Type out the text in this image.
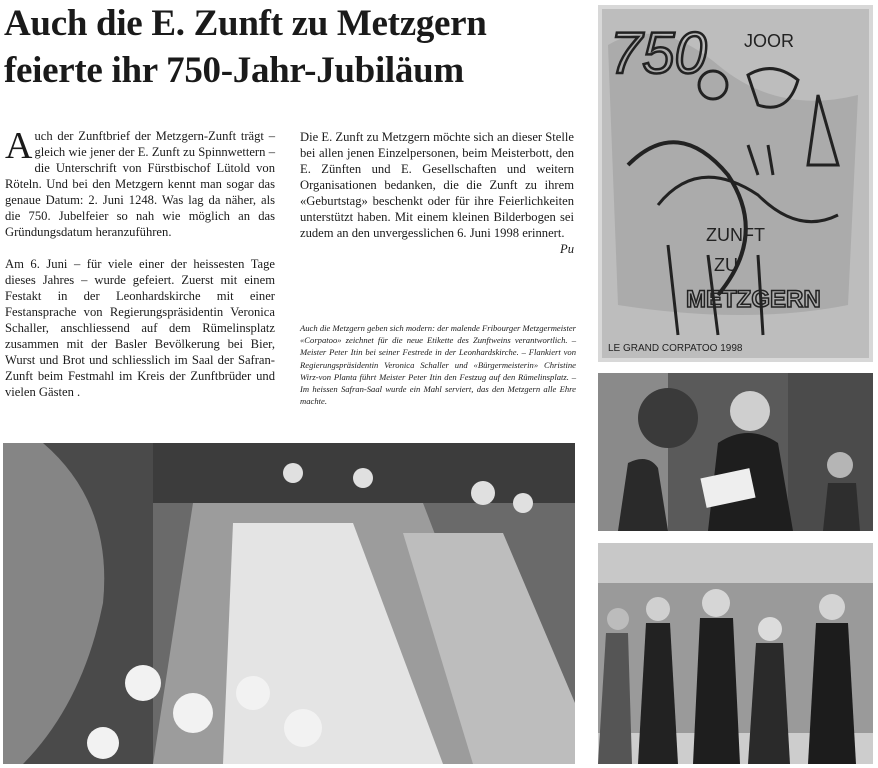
Auch die E. Zunft zu Metzgern
feierte ihr 750-Jahr-Jubiläum

Auch der Zunftbrief der Metzgern-Zunft trägt – gleich wie jener der E. Zunft zu Spinnwettern – die Unterschrift von Fürstbischof Lütold von Röteln. Und bei den Metzgern kennt man sogar das genaue Datum: 2. Juni 1248. Was lag da näher, als die 750. Jubelfeier so nah wie möglich an das Gründungsdatum heranzuführen.

Am 6. Juni – für viele einer der heissesten Tage dieses Jahres – wurde gefeiert. Zuerst mit einem Festakt in der Leonhardskirche mit einer Festansprache von Regierungspräsidentin Veronica Schaller, anschliessend auf dem Rümelinsplatz zusammen mit der Basler Bevölkerung bei Bier, Wurst und Brot und schliesslich im Saal der Safran-Zunft beim Festmahl im Kreis der Zunftbrüder und vielen Gästen .

Die E. Zunft zu Metzgern möchte sich an dieser Stelle bei allen jenen Einzelpersonen, beim Meisterbott, den E. Zünften und E. Gesellschaften und weitern Organisationen bedanken, die die Zunft zu ihrem «Geburtstag» beschenkt oder für ihre Feierlichkeiten unterstützt haben. Mit einem kleinen Bilderbogen sei zudem an den unvergesslichen 6. Juni 1998 erinnert.
Pu

Auch die Metzgern geben sich modern: der malende Fribourger Metzgermeister «Corpatoo» zeichnet für die neue Etikette des Zunftweins verantwortlich. – Meister Peter Itin bei seiner Festrede in der Leonhardskirche. – Flankiert von Regierungspräsidentin Veronica Schaller und «Bürgermeisterin» Christine Wirz-von Planta führt Meister Peter Itin den Festzug auf den Rümelinsplatz. – Im heissen Safran-Saal wurde ein Mahl serviert, das den Metzgern alle Ehre machte.
750 JOOR
ZUNFT
ZU
METZGERN
LE GRAND CORPATOO 1998
